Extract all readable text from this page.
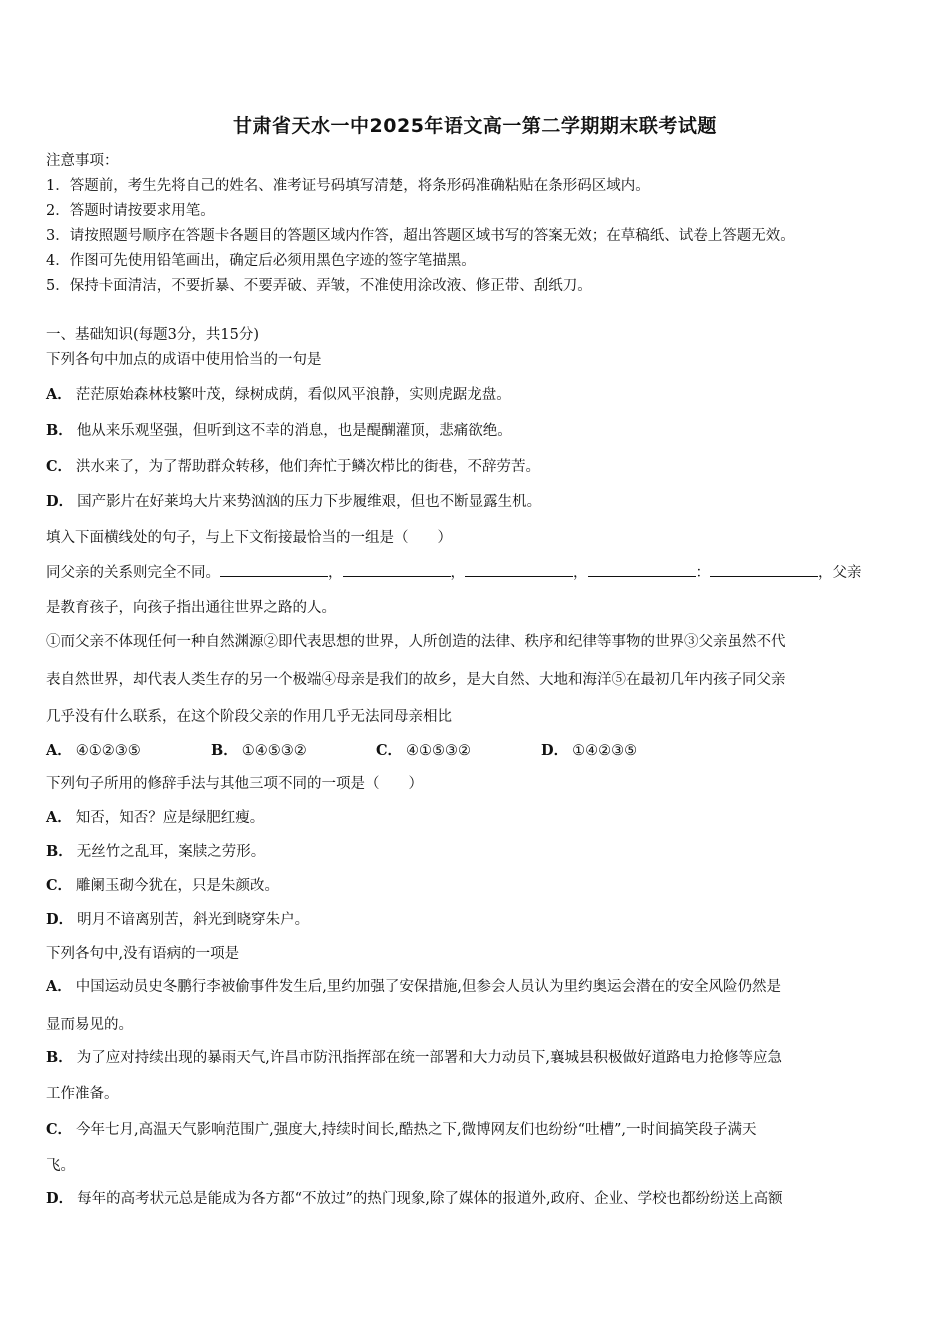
甘肃省天水一中2025年语文高一第二学期期末联考试题
注意事项：
1．答题前，考生先将自己的姓名、准考证号码填写清楚，将条形码准确粘贴在条形码区域内。
2．答题时请按要求用笔。
3．请按照题号顺序在答题卡各题目的答题区域内作答，超出答题区域书写的答案无效；在草稿纸、试卷上答题无效。
4．作图可先使用铅笔画出，确定后必须用黑色字迹的签字笔描黑。
5．保持卡面清洁，不要折暴、不要弄破、弄皱，不准使用涂改液、修正带、刮纸刀。
一、基础知识(每题3分，共15分)
下列各句中加点的成语中使用恰当的一句是
A． 茫茫原始森林枝繁叶茂，绿树成荫，看似风平浪静，实则虎踞龙盘。
B． 他从来乐观坚强，但听到这不幸的消息，也是醍醐灌顶，悲痛欲绝。
C． 洪水来了，为了帮助群众转移，他们奔忙于鳞次栉比的街巷，不辞劳苦。
D． 国产影片在好莱坞大片来势汹汹的压力下步履维艰，但也不断显露生机。
填入下面横线处的句子，与上下文衔接最恰当的一组是（　　）
同父亲的关系则完全不同。	，	，	，	：	，父亲
是教育孩子，向孩子指出通往世界之路的人。
①而父亲不体现任何一种自然渊源②即代表思想的世界，人所创造的法律、秩序和纪律等事物的世界③父亲虽然不代
表自然世界，却代表人类生存的另一个极端④母亲是我们的故乡，是大自然、大地和海洋⑤在最初几年内孩子同父亲
几乎没有什么联系，在这个阶段父亲的作用几乎无法同母亲相比
A． ④①②③⑤	B． ①④⑤③②	C． ④①⑤③②	D． ①④②③⑤
下列句子所用的修辞手法与其他三项不同的一项是（　　）
A． 知否，知否？应是绿肥红瘦。
B． 无丝竹之乱耳，案牍之劳形。
C． 雕阑玉砌今犹在，只是朱颜改。
D． 明月不谙离别苦，斜光到晓穿朱户。
下列各句中,没有语病的一项是
A． 中国运动员史冬鹏行李被偷事件发生后,里约加强了安保措施,但参会人员认为里约奥运会潜在的安全风险仍然是
显而易见的。
B． 为了应对持续出现的暴雨天气,许昌市防汛指挥部在统一部署和大力动员下,襄城县积极做好道路电力抢修等应急
工作准备。
C． 今年七月,高温天气影响范围广,强度大,持续时间长,酷热之下,微博网友们也纷纷“吐槽”,一时间搞笑段子满天
飞。
D． 每年的高考状元总是能成为各方都“不放过”的热门现象,除了媒体的报道外,政府、企业、学校也都纷纷送上高额
